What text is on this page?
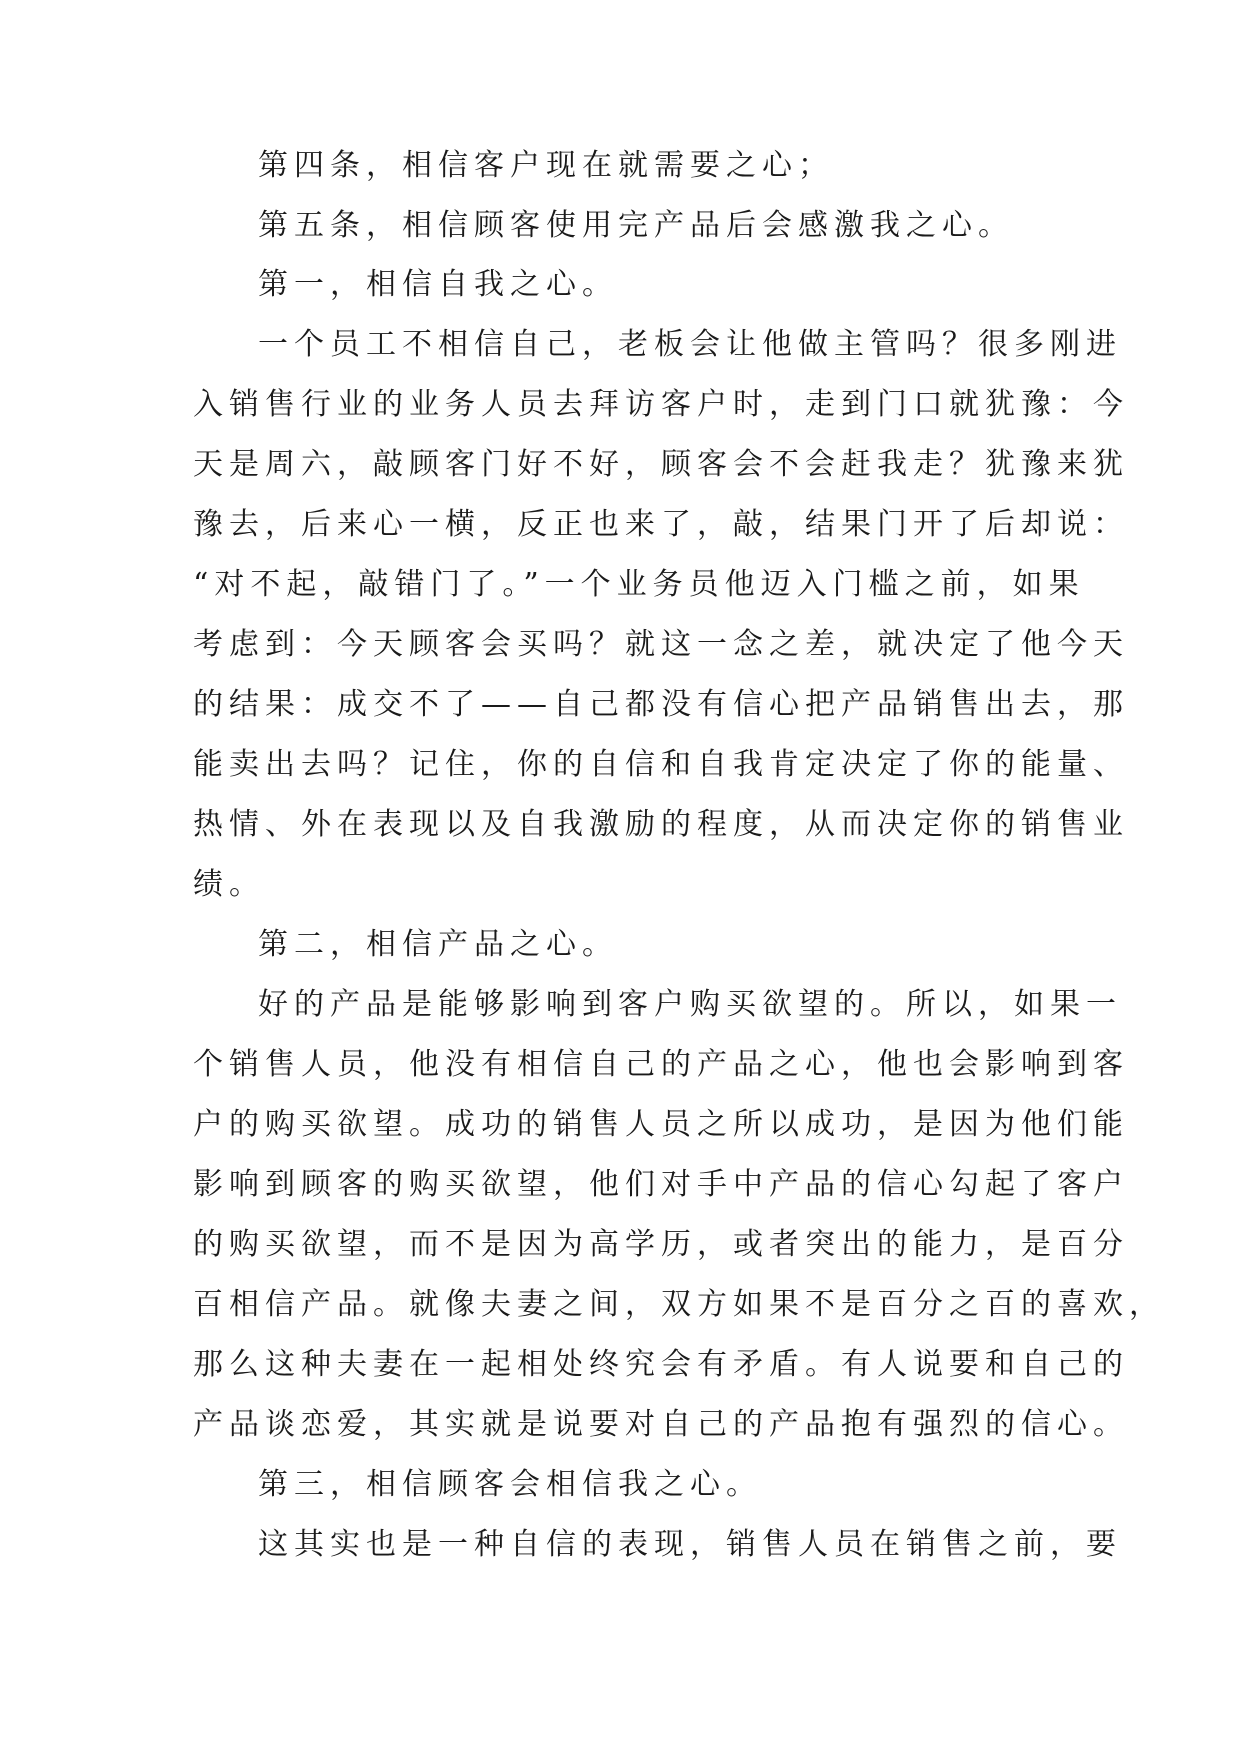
第四条，相信客户现在就需要之心；
第五条，相信顾客使用完产品后会感激我之心。
第一，相信自我之心。
一个员工不相信自己，老板会让他做主管吗？很多刚进
入销售行业的业务人员去拜访客户时，走到门口就犹豫：今
天是周六，敲顾客门好不好，顾客会不会赶我走？犹豫来犹
豫去，后来心一横，反正也来了，敲，结果门开了后却说：
“对不起，敲错门了。”一个业务员他迈入门槛之前，如果
考虑到：今天顾客会买吗？就这一念之差，就决定了他今天
的结果：成交不了——自己都没有信心把产品销售出去，那
能卖出去吗？记住，你的自信和自我肯定决定了你的能量、
热情、外在表现以及自我激励的程度，从而决定你的销售业
绩。
第二，相信产品之心。
好的产品是能够影响到客户购买欲望的。所以，如果一
个销售人员，他没有相信自己的产品之心，他也会影响到客
户的购买欲望。成功的销售人员之所以成功，是因为他们能
影响到顾客的购买欲望，他们对手中产品的信心勾起了客户
的购买欲望，而不是因为高学历，或者突出的能力，是百分
百相信产品。就像夫妻之间，双方如果不是百分之百的喜欢，
那么这种夫妻在一起相处终究会有矛盾。有人说要和自己的
产品谈恋爱，其实就是说要对自己的产品抱有强烈的信心。
第三，相信顾客会相信我之心。
这其实也是一种自信的表现，销售人员在销售之前，要
